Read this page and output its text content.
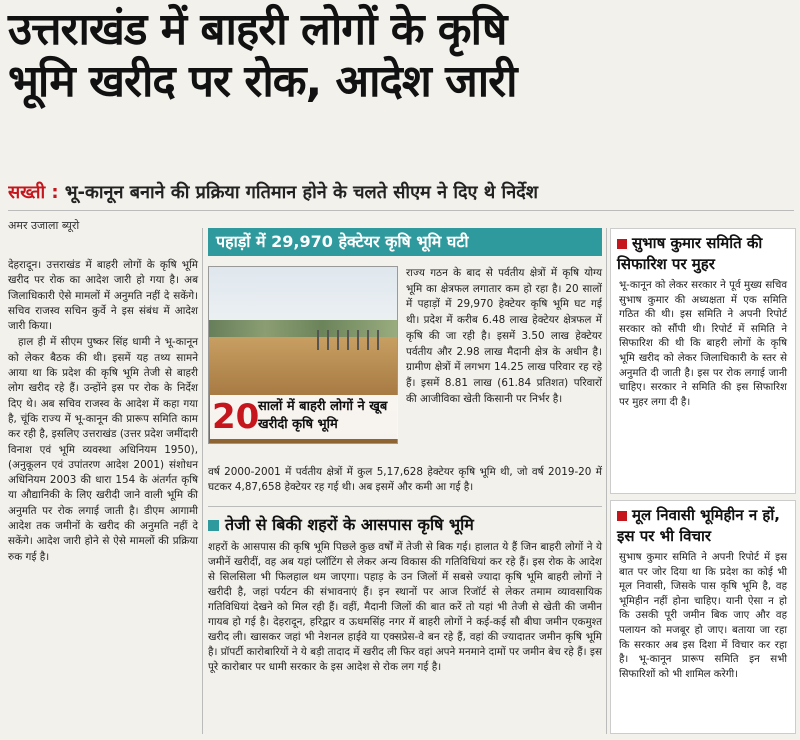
उत्तराखंड में बाहरी लोगों के कृषि
भूमि खरीद पर रोक, आदेश जारी
सख्ती : भू-कानून बनाने की प्रक्रिया गतिमान होने के चलते सीएम ने दिए थे निर्देश
अमर उजाला ब्यूरो

देहरादून। उत्तराखंड में बाहरी लोगों के कृषि भूमि खरीद पर रोक का आदेश जारी हो गया है। अब जिलाधिकारी ऐसे मामलों में अनुमति नहीं दे सकेंगे। सचिव राजस्व सचिन कुर्वे ने इस संबंध में आदेश जारी किया।

हाल ही में सीएम पुष्कर सिंह धामी ने भू-कानून को लेकर बैठक की थी। इसमें यह तथ्य सामने आया था कि प्रदेश की कृषि भूमि तेजी से बाहरी लोग खरीद रहे हैं। उन्होंने इस पर रोक के निर्देश दिए थे। अब सचिव राजस्व के आदेश में कहा गया है, चूंकि राज्य में भू-कानून की प्रारूप समिति काम कर रही है, इसलिए उत्तराखंड (उत्तर प्रदेश जमींदारी विनाश एवं भूमि व्यवस्था अधिनियम 1950), (अनुकूलन एवं उपांतरण आदेश 2001) संशोधन अधिनियम 2003 की धारा 154 के अंतर्गत कृषि या औद्यानिकी के लिए खरीदी जाने वाली भूमि की अनुमति पर रोक लगाई जाती है। डीएम आगामी आदेश तक जमीनों के खरीद की अनुमति नहीं दे सकेंगे। आदेश जारी होने से ऐसे मामलों की प्रक्रिया रुक गई है।

पहाड़ों में 29,970 हेक्टेयर कृषि भूमि घटी
20
सालों में बाहरी लोगों ने खूब खरीदी कृषि भूमि
राज्य गठन के बाद से पर्वतीय क्षेत्रों में कृषि योग्य भूमि का क्षेत्रफल लगातार कम हो रहा है। 20 सालों में पहाड़ों में 29,970 हेक्टेयर कृषि भूमि घट गई थी। प्रदेश में करीब 6.48 लाख हेक्टेयर क्षेत्रफल में कृषि की जा रही है। इसमें 3.50 लाख हेक्टेयर पर्वतीय और 2.98 लाख मैदानी क्षेत्र के अधीन है। ग्रामीण क्षेत्रों में लगभग 14.25 लाख परिवार रह रहे हैं। इसमें 8.81 लाख (61.84 प्रतिशत) परिवारों की आजीविका खेती किसानी पर निर्भर है।
वर्ष 2000-2001 में पर्वतीय क्षेत्रों में कुल 5,17,628 हेक्टेयर कृषि भूमि थी, जो वर्ष 2019-20 में घटकर 4,87,658 हेक्टेयर रह गई थी। अब इसमें और कमी आ गई है।
तेजी से बिकी शहरों के आसपास कृषि भूमि
शहरों के आसपास की कृषि भूमि पिछले कुछ वर्षों में तेजी से बिक गई। हालात ये हैं जिन बाहरी लोगों ने ये जमीनें खरीदीं, वह अब यहां प्लॉटिंग से लेकर अन्य विकास की गतिविधियां कर रहे हैं। इस रोक के आदेश से सिलसिला भी फिलहाल थम जाएगा। पहाड़ के उन जिलों में सबसे ज्यादा कृषि भूमि बाहरी लोगों ने खरीदी है, जहां पर्यटन की संभावनाएं हैं। इन स्थानों पर आज रिजॉर्ट से लेकर तमाम व्यावसायिक गतिविधियां देखने को मिल रही हैं। वहीं, मैदानी जिलों की बात करें तो यहां भी तेजी से खेती की जमीन गायब हो गई है। देहरादून, हरिद्वार व ऊधमसिंह नगर में बाहरी लोगों ने कई-कई सौ बीघा जमीन एकमुश्त खरीद ली। खासकर जहां भी नेशनल हाईवे या एक्सप्रेस-वे बन रहे हैं, वहां की ज्यादातर जमीन कृषि भूमि है। प्रॉपर्टी कारोबारियों ने ये बड़ी तादाद में खरीद ली फिर वहां अपने मनमाने दामों पर जमीन बेच रहे हैं। इस पूरे कारोबार पर धामी सरकार के इस आदेश से रोक लग गई है।
सुभाष कुमार समिति की सिफारिश पर मुहर
भू-कानून को लेकर सरकार ने पूर्व मुख्य सचिव सुभाष कुमार की अध्यक्षता में एक समिति गठित की थी। इस समिति ने अपनी रिपोर्ट सरकार को सौंपी थी। रिपोर्ट में समिति ने सिफारिश की थी कि बाहरी लोगों के कृषि भूमि खरीद को लेकर जिलाधिकारी के स्तर से अनुमति दी जाती है। इस पर रोक लगाई जानी चाहिए। सरकार ने समिति की इस सिफारिश पर मुहर लगा दी है।
मूल निवासी भूमिहीन न हों, इस पर भी विचार
सुभाष कुमार समिति ने अपनी रिपोर्ट में इस बात पर जोर दिया था कि प्रदेश का कोई भी मूल निवासी, जिसके पास कृषि भूमि है, वह भूमिहीन नहीं होना चाहिए। यानी ऐसा न हो कि उसकी पूरी जमीन बिक जाए और वह पलायन को मजबूर हो जाए। बताया जा रहा कि सरकार अब इस दिशा में विचार कर रहा है। भू-कानून प्रारूप समिति इन सभी सिफारिशों को भी शामिल करेगी।
